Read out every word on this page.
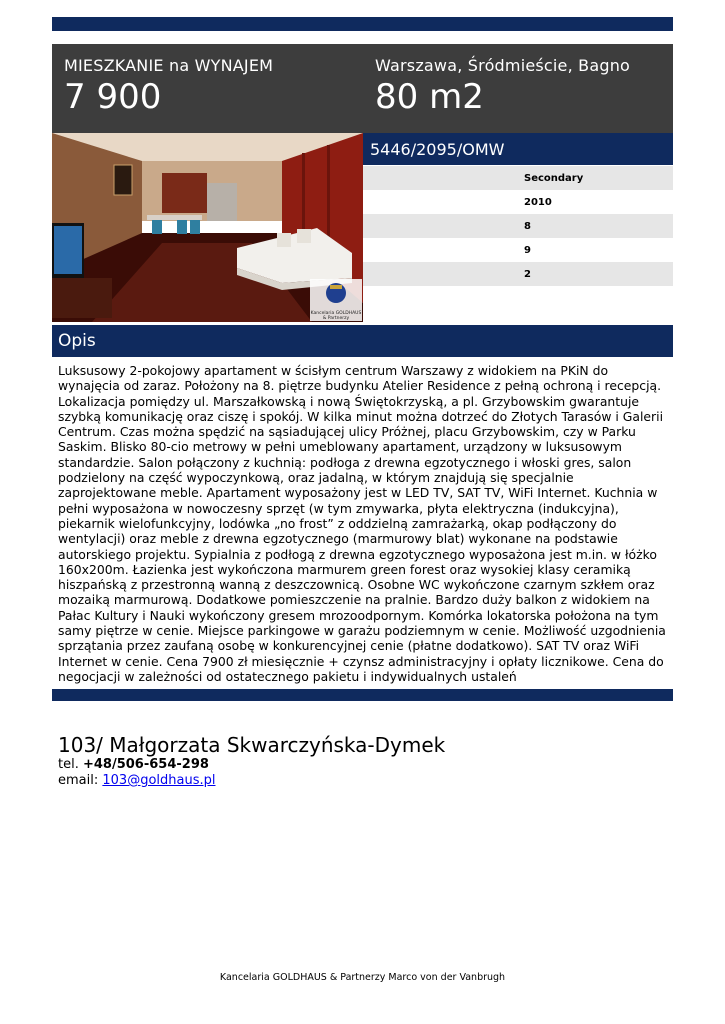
MIESZKANIE na WYNAJEM
7 900
Warszawa, Śródmieście, Bagno
80 m2
Kancelaria GOLDHAUS
& Partnerzy
5446/2095/OMW
Secondary
2010
8
9
2
Opis
Luksusowy 2-pokojowy apartament w ścisłym centrum Warszawy z widokiem na PKiN do wynajęcia od zaraz. Położony na 8. piętrze budynku Atelier Residence z pełną ochroną i recepcją. Lokalizacja pomiędzy ul. Marszałkowską i nową Świętokrzyską, a pl. Grzybowskim gwarantuje szybką komunikację oraz ciszę i spokój. W kilka minut można dotrzeć do Złotych Tarasów i Galerii Centrum. Czas można spędzić na sąsiadującej ulicy Próżnej, placu Grzybowskim, czy w Parku Saskim. Blisko 80-cio metrowy w pełni umeblowany apartament, urządzony w luksusowym standardzie. Salon połączony z kuchnią: podłoga z drewna egzotycznego i włoski gres, salon podzielony na część wypoczynkową, oraz jadalną, w którym znajdują się specjalnie zaprojektowane meble. Apartament wyposażony jest w LED TV, SAT TV, WiFi Internet. Kuchnia w pełni wyposażona w nowoczesny sprzęt (w tym zmywarka, płyta elektryczna (indukcyjna), piekarnik wielofunkcyjny, lodówka „no frost” z oddzielną zamrażarką, okap podłączony do wentylacji) oraz meble z drewna egzotycznego (marmurowy blat) wykonane na podstawie autorskiego projektu. Sypialnia z podłogą z drewna egzotycznego wyposażona jest m.in. w łóżko 160x200m. Łazienka jest wykończona marmurem green forest oraz wysokiej klasy ceramiką hiszpańską z przestronną wanną z deszczownicą. Osobne WC wykończone czarnym szkłem oraz mozaiką marmurową. Dodatkowe pomieszczenie na pralnie. Bardzo duży balkon z widokiem na Pałac Kultury i Nauki wykończony gresem mrozoodpornym. Komórka lokatorska położona na tym samy piętrze w cenie. Miejsce parkingowe w garażu podziemnym w cenie. Możliwość uzgodnienia sprzątania przez zaufaną osobę w konkurencyjnej cenie (płatne dodatkowo). SAT TV oraz WiFi Internet w cenie. Cena 7900 zł miesięcznie + czynsz administracyjny i opłaty licznikowe. Cena do negocjacji w zależności od ostatecznego pakietu i indywidualnych ustaleń
103/ Małgorzata Skwarczyńska-Dymek
tel. +48/506-654-298
email: 103@goldhaus.pl
Kancelaria GOLDHAUS & Partnerzy Marco von der Vanbrugh
